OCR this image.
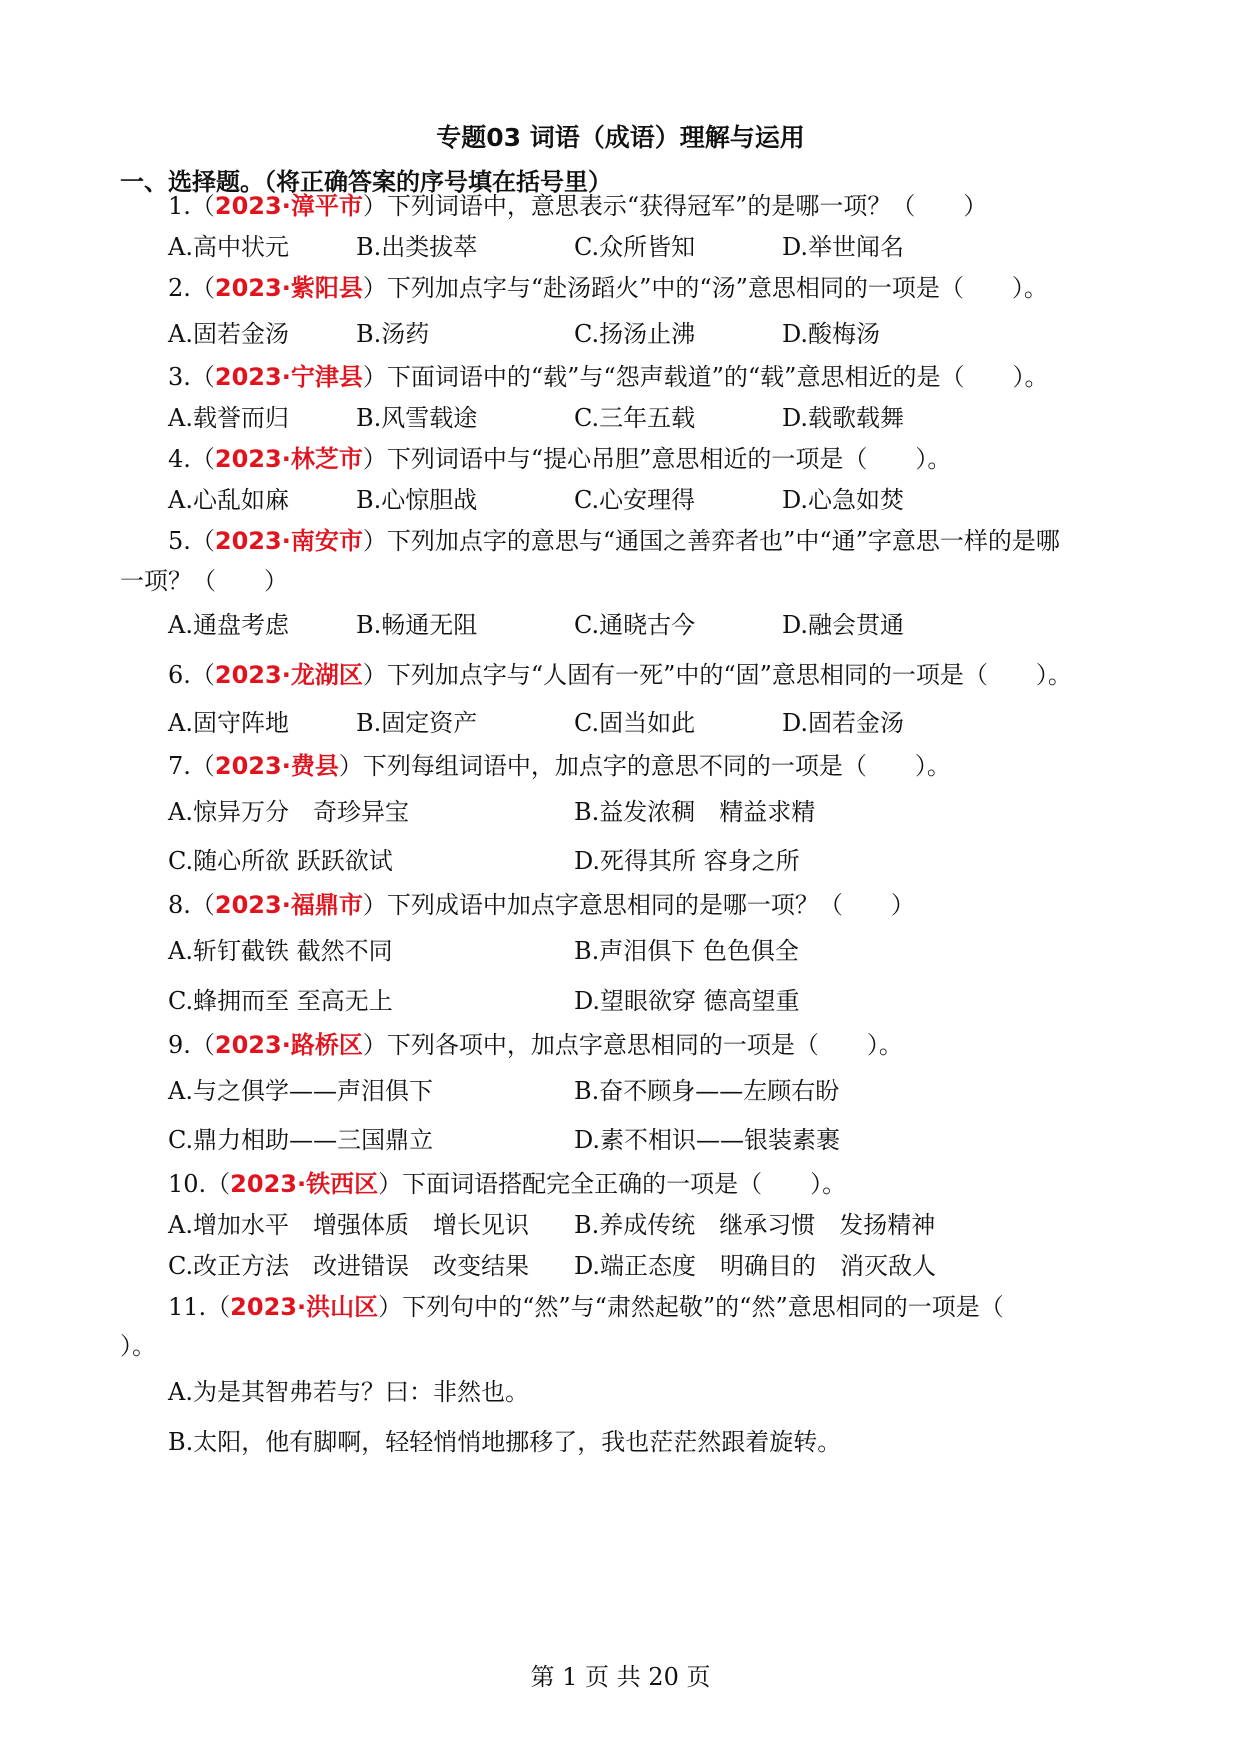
专题03 词语（成语）理解与运用
一、选择题。（将正确答案的序号填在括号里）
1.（2023·漳平市）下列词语中，意思表示“获得冠军”的是哪一项？（　　）
A.高中状元	B.出类拔萃	C.众所皆知	D.举世闻名
2.（2023·紫阳县）下列加点字与“赴汤蹈火”中的“汤”意思相同的一项是（　　）。
A.固若金汤	B.汤药	C.扬汤止沸	D.酸梅汤
3.（2023·宁津县）下面词语中的“载”与“怨声载道”的“载”意思相近的是（　　）。
A.载誉而归	B.风雪载途	C.三年五载	D.载歌载舞
4.（2023·林芝市）下列词语中与“提心吊胆”意思相近的一项是（　　）。
A.心乱如麻	B.心惊胆战	C.心安理得	D.心急如焚
5.（2023·南安市）下列加点字的意思与“通国之善弈者也”中“通”字意思一样的是哪
一项？（　　）
A.通盘考虑	B.畅通无阻	C.通晓古今	D.融会贯通
6.（2023·龙湖区）下列加点字与“人固有一死”中的“固”意思相同的一项是（　　）。
A.固守阵地	B.固定资产	C.固当如此	D.固若金汤
7.（2023·费县）下列每组词语中，加点字的意思不同的一项是（　　）。
A.惊异万分　奇珍异宝	B.益发浓稠　精益求精
C.随心所欲 跃跃欲试	D.死得其所 容身之所
8.（2023·福鼎市）下列成语中加点字意思相同的是哪一项？（　　）
A.斩钉截铁 截然不同	B.声泪俱下 色色俱全
C.蜂拥而至 至高无上	D.望眼欲穿 德高望重
9.（2023·路桥区）下列各项中，加点字意思相同的一项是（　　）。
A.与之俱学——声泪俱下	B.奋不顾身——左顾右盼
C.鼎力相助——三国鼎立	D.素不相识——银装素裹
10.（2023·铁西区）下面词语搭配完全正确的一项是（　　）。
A.增加水平　增强体质　增长见识 B.养成传统　继承习惯　发扬精神
C.改正方法　改进错误　改变结果 D.端正态度　明确目的　消灭敌人
11.（2023·洪山区）下列句中的“然”与“肃然起敬”的“然”意思相同的一项是（
）。
A.为是其智弗若与？曰：非然也。
B.太阳，他有脚啊，轻轻悄悄地挪移了，我也茫茫然跟着旋转。
第 1 页 共 20 页
